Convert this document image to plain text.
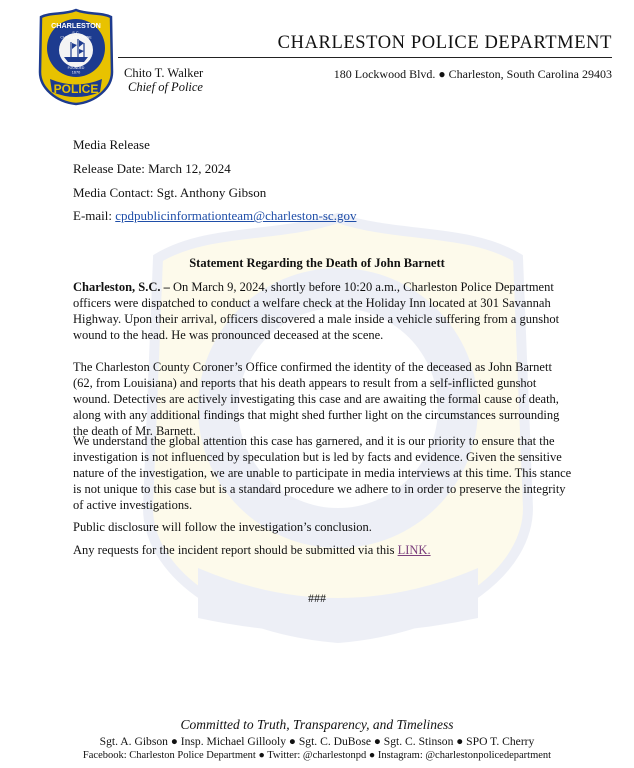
CHARLESTON
S.C.
CHARLES TOWNE
FOUNDED
1670
POLICE
CHARLESTON POLICE DEPARTMENT
Chito T. Walker
Chief of Police
180 Lockwood Blvd. ● Charleston, South Carolina 29403
Media Release
Release Date: March 12, 2024
Media Contact: Sgt. Anthony Gibson
E-mail: cpdpublicinformationteam@charleston-sc.gov
Statement Regarding the Death of John Barnett

Charleston, S.C. – On March 9, 2024, shortly before 10:20 a.m., Charleston Police Department officers were dispatched to conduct a welfare check at the Holiday Inn located at 301 Savannah Highway. Upon their arrival, officers discovered a male inside a vehicle suffering from a gunshot wound to the head. He was pronounced deceased at the scene.

The Charleston County Coroner’s Office confirmed the identity of the deceased as John Barnett (62, from Louisiana) and reports that his death appears to result from a self-inflicted gunshot wound. Detectives are actively investigating this case and are awaiting the formal cause of death, along with any additional findings that might shed further light on the circumstances surrounding the death of Mr. Barnett.

We understand the global attention this case has garnered, and it is our priority to ensure that the investigation is not influenced by speculation but is led by facts and evidence. Given the sensitive nature of the investigation, we are unable to participate in media interviews at this time. This stance is not unique to this case but is a standard procedure we adhere to in order to preserve the integrity of active investigations.

Public disclosure will follow the investigation’s conclusion.

Any requests for the incident report should be submitted via this LINK.

###
Committed to Truth, Transparency, and Timeliness
Sgt. A. Gibson ● Insp. Michael Gillooly ● Sgt. C. DuBose ● Sgt. C. Stinson ● SPO T. Cherry
Facebook: Charleston Police Department ● Twitter: @charlestonpd ● Instagram: @charlestonpolicedepartment
